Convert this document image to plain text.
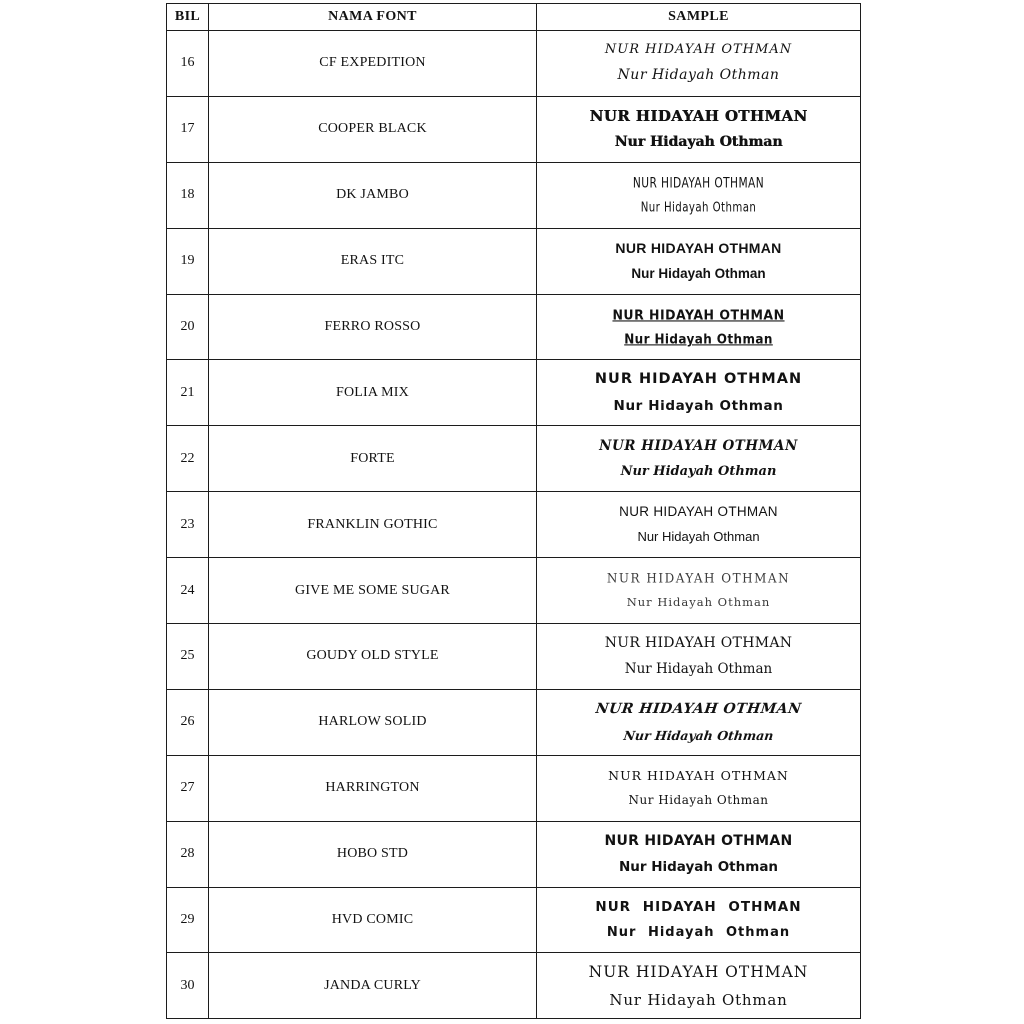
BIL	NAMA FONT	SAMPLE
16	CF EXPEDITION	NUR HIDAYAH OTHMAN
Nur Hidayah Othman

17	COOPER BLACK	NUR HIDAYAH OTHMAN
Nur Hidayah Othman

18	DK JAMBO	NUR HIDAYAH OTHMAN
Nur Hidayah Othman

19	ERAS ITC	NUR HIDAYAH OTHMAN
Nur Hidayah Othman

20	FERRO ROSSO	NUR HIDAYAH OTHMAN
Nur Hidayah Othman

21	FOLIA MIX	NUR HIDAYAH OTHMAN
Nur Hidayah Othman

22	FORTE	NUR HIDAYAH OTHMAN
Nur Hidayah Othman

23	FRANKLIN GOTHIC	NUR HIDAYAH OTHMAN
Nur Hidayah Othman

24	GIVE ME SOME SUGAR	NUR HIDAYAH OTHMAN
Nur Hidayah Othman

25	GOUDY OLD STYLE	NUR HIDAYAH OTHMAN
Nur Hidayah Othman

26	HARLOW SOLID	NUR HIDAYAH OTHMAN
Nur Hidayah Othman

27	HARRINGTON	NUR HIDAYAH OTHMAN
Nur Hidayah Othman

28	HOBO STD	NUR HIDAYAH OTHMAN
Nur Hidayah Othman

29	HVD COMIC	NUR HIDAYAH OTHMAN
Nur Hidayah Othman

30	JANDA CURLY	NUR HIDAYAH OTHMAN
Nur Hidayah Othman
